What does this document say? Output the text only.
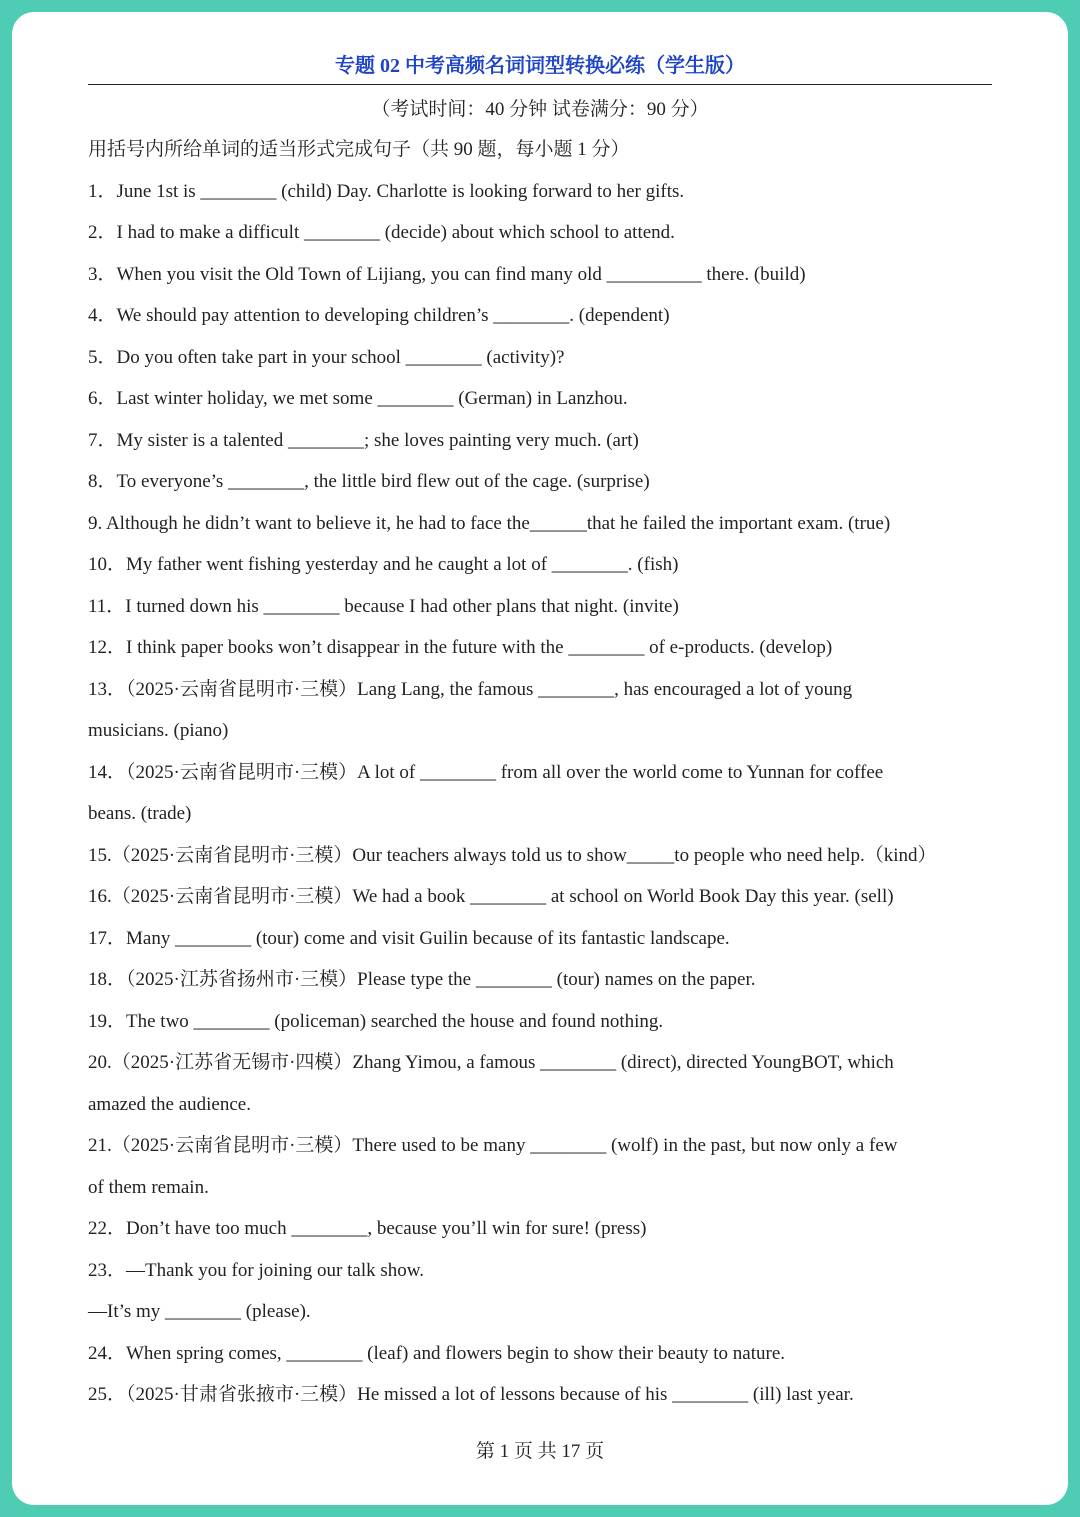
专题 02 中考高频名词词型转换必练（学生版）
（考试时间：40 分钟 试卷满分：90 分）
用括号内所给单词的适当形式完成句子（共 90 题，每小题 1 分）
1．June 1st is ________ (child) Day. Charlotte is looking forward to her gifts.
2．I had to make a difficult ________ (decide) about which school to attend.
3．When you visit the Old Town of Lijiang, you can find many old __________ there. (build)
4．We should pay attention to developing children’s ________. (dependent)
5．Do you often take part in your school ________ (activity)?
6．Last winter holiday, we met some ________ (German) in Lanzhou.
7．My sister is a talented ________; she loves painting very much. (art)
8．To everyone’s ________, the little bird flew out of the cage. (surprise)
9. Although he didn’t want to believe it, he had to face the______that he failed the important exam. (true)
10．My father went fishing yesterday and he caught a lot of ________. (fish)
11．I turned down his ________ because I had other plans that night. (invite)
12．I think paper books won’t disappear in the future with the ________ of e-products. (develop)
13．（2025·云南省昆明市·三模）Lang Lang, the famous ________, has encouraged a lot of young
musicians. (piano)
14．（2025·云南省昆明市·三模）A lot of ________ from all over the world come to Yunnan for coffee
beans. (trade)
15.（2025·云南省昆明市·三模）Our teachers always told us to show_____to people who need help.（kind）
16.（2025·云南省昆明市·三模）We had a book ________ at school on World Book Day this year. (sell)
17．Many ________ (tour) come and visit Guilin because of its fantastic landscape.
18．（2025·江苏省扬州市·三模）Please type the ________ (tour) names on the paper.
19．The two ________ (policeman) searched the house and found nothing.
20.（2025·江苏省无锡市·四模）Zhang Yimou, a famous ________ (direct), directed YoungBOT, which
amazed the audience.
21.（2025·云南省昆明市·三模）There used to be many ________ (wolf) in the past, but now only a few
of them remain.
22．Don’t have too much ________, because you’ll win for sure! (press)
23．—Thank you for joining our talk show.
—It’s my ________ (please).
24．When spring comes, ________ (leaf) and flowers begin to show their beauty to nature.
25．（2025·甘肃省张掖市·三模）He missed a lot of lessons because of his ________ (ill) last year.
第 1 页 共 17 页
